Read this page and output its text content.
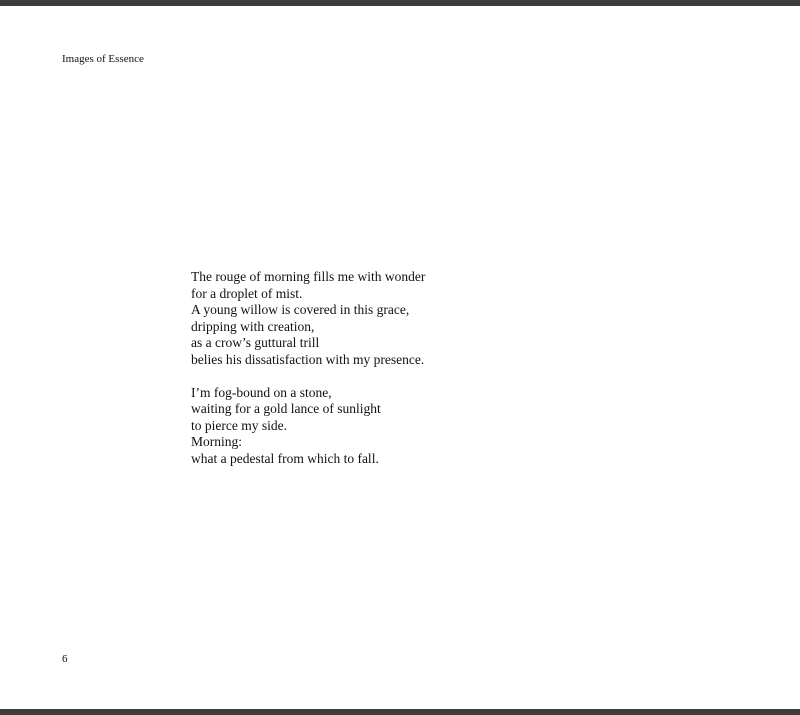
Images of Essence
The rouge of morning fills me with wonder
for a droplet of mist.
A young willow is covered in this grace,
dripping with creation,
as a crow’s guttural trill
belies his dissatisfaction with my presence.
I’m fog-bound on a stone,
waiting for a gold lance of sunlight
to pierce my side.
Morning:
what a pedestal from which to fall.
6
